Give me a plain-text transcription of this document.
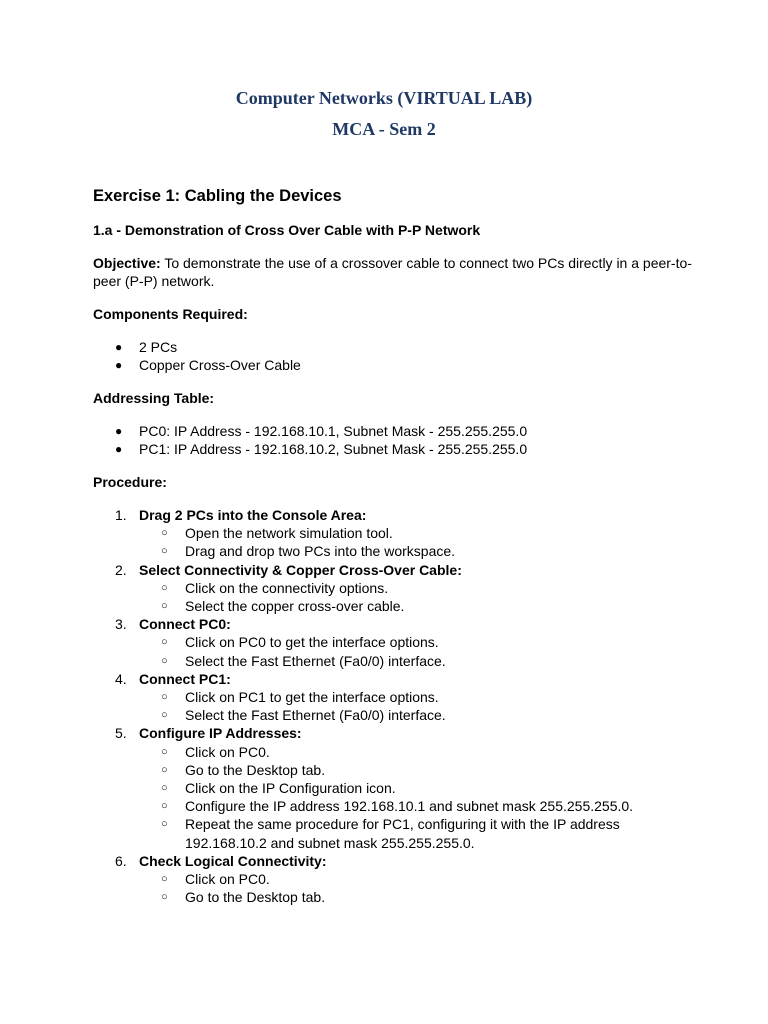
Computer Networks (VIRTUAL LAB)
MCA - Sem 2
Exercise 1: Cabling the Devices
1.a - Demonstration of Cross Over Cable with P-P Network
Objective: To demonstrate the use of a crossover cable to connect two PCs directly in a peer-to-peer (P-P) network.
Components Required:
● 2 PCs
● Copper Cross-Over Cable
Addressing Table:
● PC0: IP Address - 192.168.10.1, Subnet Mask - 255.255.255.0
● PC1: IP Address - 192.168.10.2, Subnet Mask - 255.255.255.0
Procedure:
1. Drag 2 PCs into the Console Area:
○ Open the network simulation tool.
○ Drag and drop two PCs into the workspace.
2. Select Connectivity & Copper Cross-Over Cable:
○ Click on the connectivity options.
○ Select the copper cross-over cable.
3. Connect PC0:
○ Click on PC0 to get the interface options.
○ Select the Fast Ethernet (Fa0/0) interface.
4. Connect PC1:
○ Click on PC1 to get the interface options.
○ Select the Fast Ethernet (Fa0/0) interface.
5. Configure IP Addresses:
○ Click on PC0.
○ Go to the Desktop tab.
○ Click on the IP Configuration icon.
○ Configure the IP address 192.168.10.1 and subnet mask 255.255.255.0.
○ Repeat the same procedure for PC1, configuring it with the IP address 192.168.10.2 and subnet mask 255.255.255.0.
6. Check Logical Connectivity:
○ Click on PC0.
○ Go to the Desktop tab.
